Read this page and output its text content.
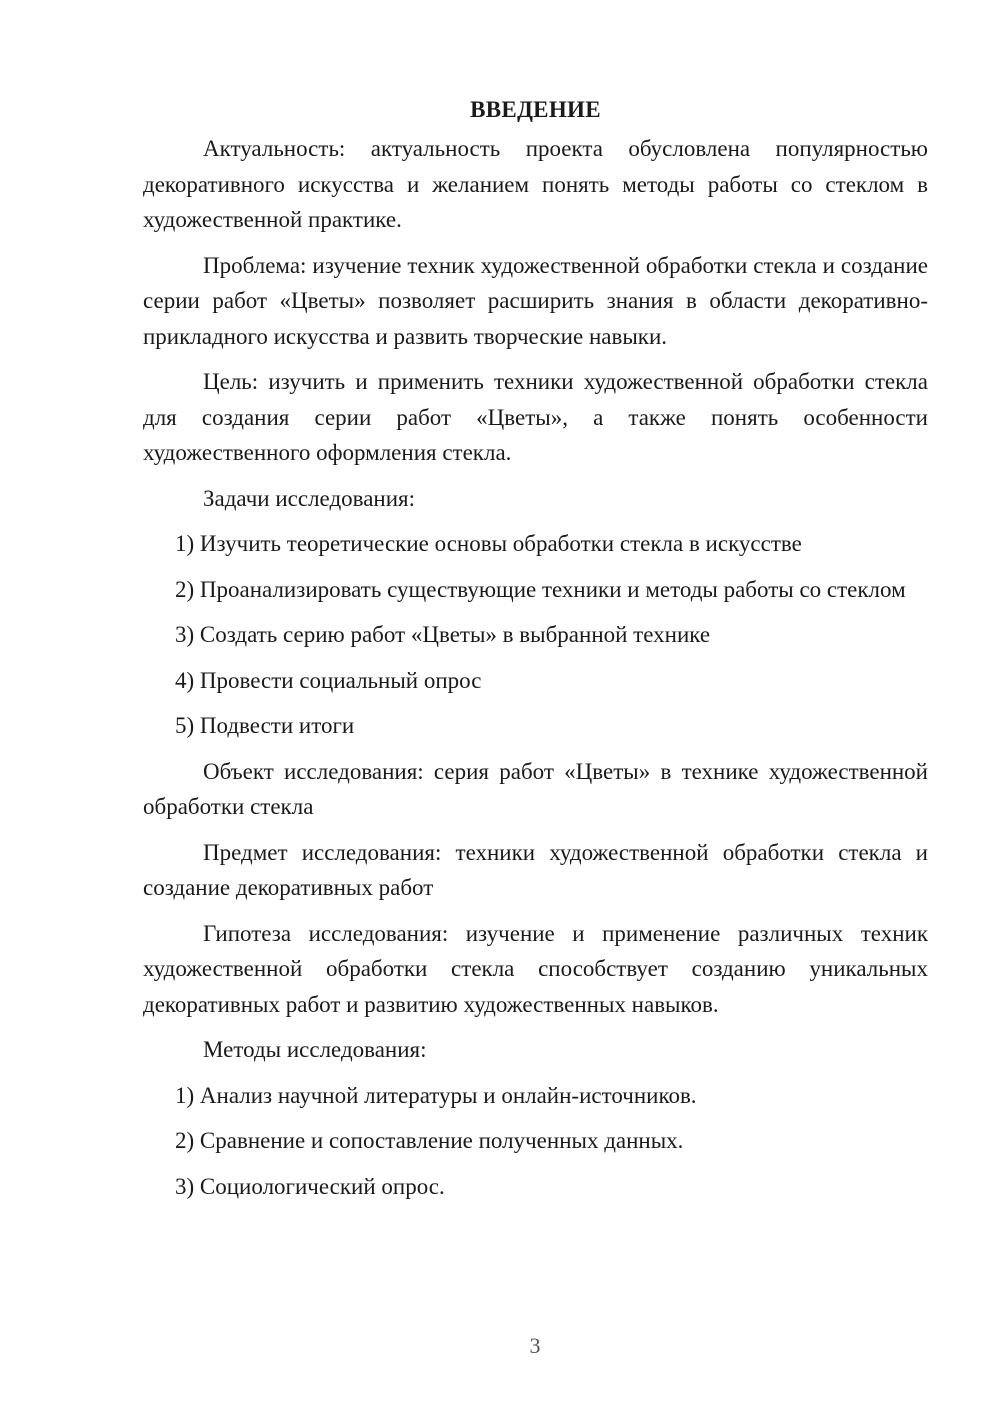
ВВЕДЕНИЕ

Актуальность: актуальность проекта обусловлена популярностью декоративного искусства и желанием понять методы работы со стеклом в художественной практике.

Проблема: изучение техник художественной обработки стекла и создание серии работ «Цветы» позволяет расширить знания в области декоративно-прикладного искусства и развить творческие навыки.

Цель: изучить и применить техники художественной обработки стекла для создания серии работ «Цветы», а также понять особенности художественного оформления стекла.

Задачи исследования:

1) Изучить теоретические основы обработки стекла в искусстве

2) Проанализировать существующие техники и методы работы со стеклом

3) Создать серию работ «Цветы» в выбранной технике

4) Провести социальный опрос

5) Подвести итоги

Объект исследования: серия работ «Цветы» в технике художественной обработки стекла

Предмет исследования: техники художественной обработки стекла и создание декоративных работ

Гипотеза исследования: изучение и применение различных техник художественной обработки стекла способствует созданию уникальных декоративных работ и развитию художественных навыков.

Методы исследования:

1) Анализ научной литературы и онлайн-источников.

2) Сравнение и сопоставление полученных данных.

3) Социологический опрос.

3
